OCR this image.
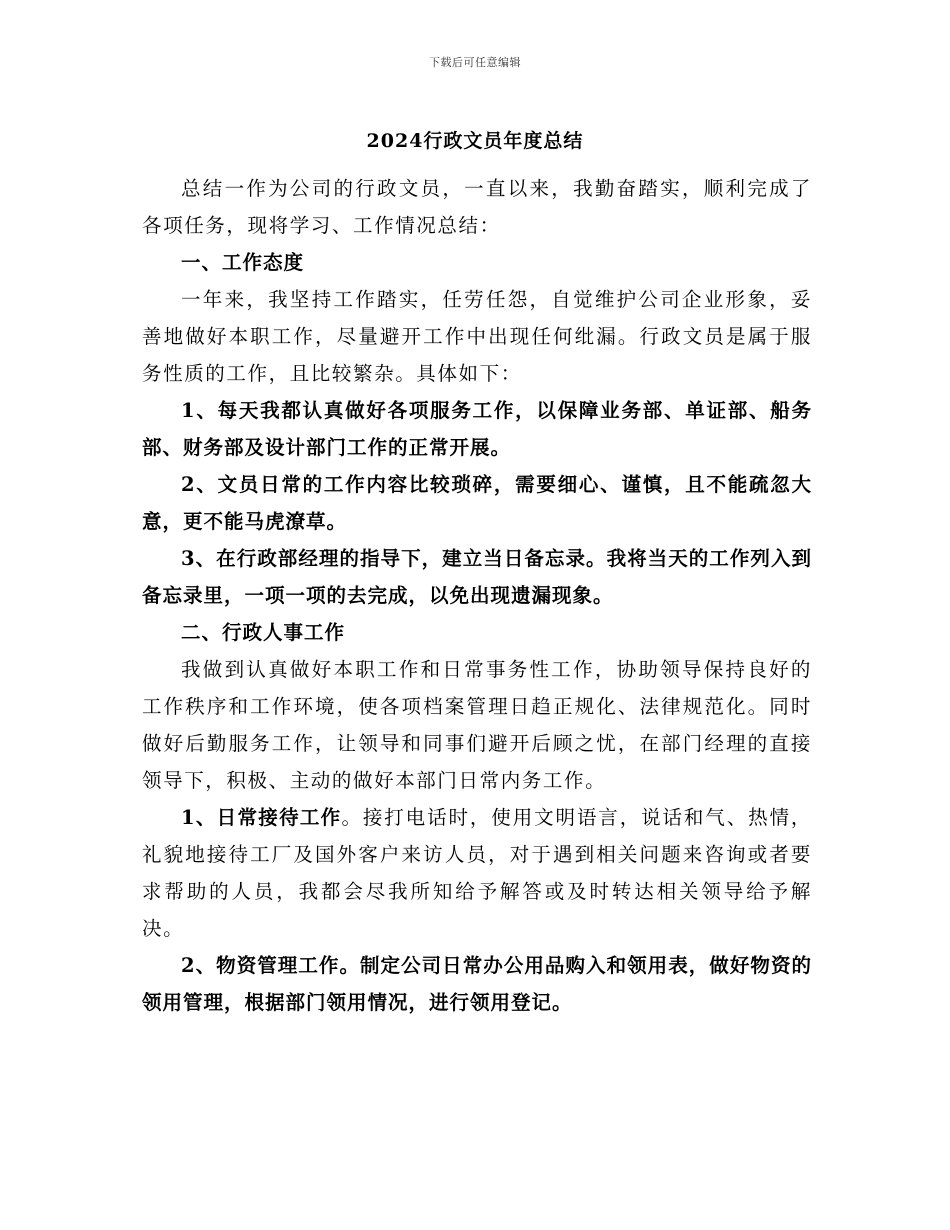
下载后可任意编辑
2024行政文员年度总结

总结一作为公司的行政文员，一直以来，我勤奋踏实，顺利完成了各项任务，现将学习、工作情况总结：

一、工作态度

一年来，我坚持工作踏实，任劳任怨，自觉维护公司企业形象，妥善地做好本职工作，尽量避开工作中出现任何纰漏。行政文员是属于服务性质的工作，且比较繁杂。具体如下：

1、每天我都认真做好各项服务工作，以保障业务部、单证部、船务部、财务部及设计部门工作的正常开展。

2、文员日常的工作内容比较琐碎，需要细心、谨慎，且不能疏忽大意，更不能马虎潦草。

3、在行政部经理的指导下，建立当日备忘录。我将当天的工作列入到备忘录里，一项一项的去完成，以免出现遗漏现象。

二、行政人事工作

我做到认真做好本职工作和日常事务性工作，协助领导保持良好的工作秩序和工作环境，使各项档案管理日趋正规化、法律规范化。同时做好后勤服务工作，让领导和同事们避开后顾之忧，在部门经理的直接领导下，积极、主动的做好本部门日常内务工作。

1、日常接待工作。接打电话时，使用文明语言，说话和气、热情，礼貌地接待工厂及国外客户来访人员，对于遇到相关问题来咨询或者要求帮助的人员，我都会尽我所知给予解答或及时转达相关领导给予解决。

2、物资管理工作。制定公司日常办公用品购入和领用表，做好物资的领用管理，根据部门领用情况，进行领用登记。
